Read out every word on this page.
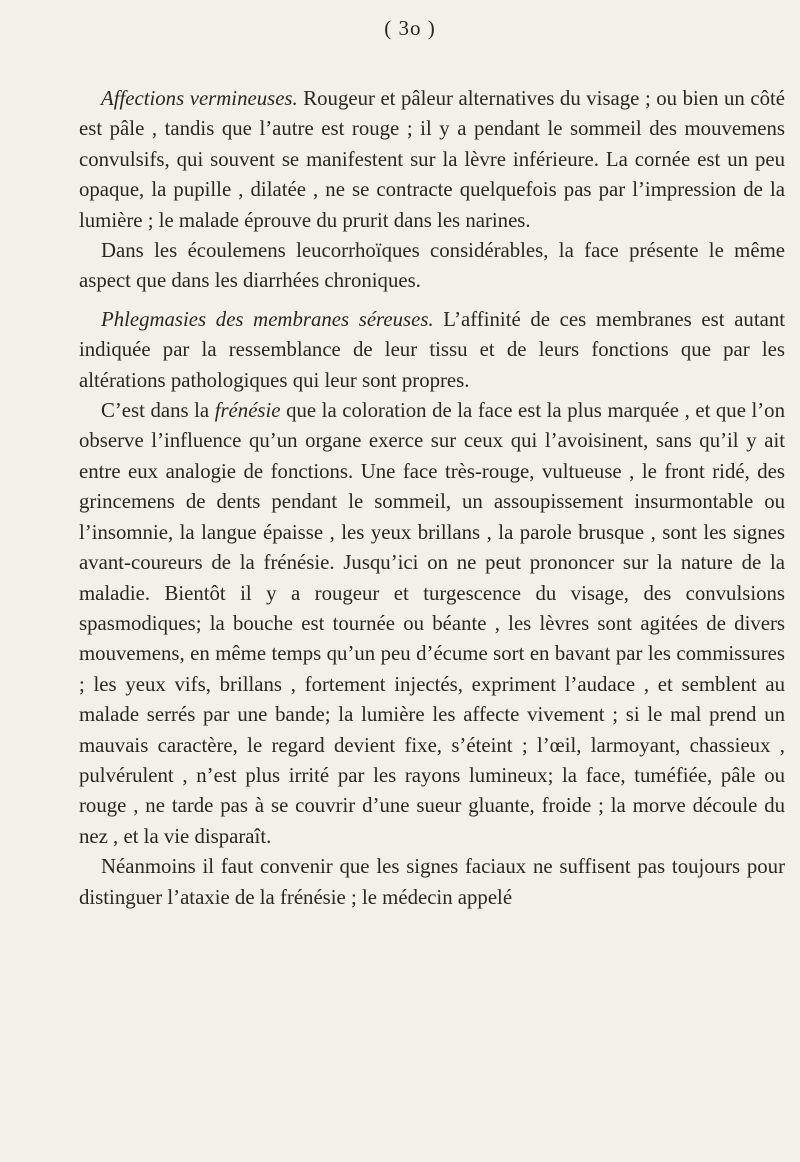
( 3o )

Affections vermineuses. Rougeur et pâleur alternatives du visage ; ou bien un côté est pâle , tandis que l’autre est rouge ; il y a pendant le sommeil des mouvemens convulsifs, qui souvent se manifestent sur la lèvre inférieure. La cornée est un peu opaque, la pupille , dilatée , ne se contracte quelquefois pas par l’impression de la lumière ; le malade éprouve du prurit dans les narines.

Dans les écoulemens leucorrhoïques considérables, la face présente le même aspect que dans les diarrhées chroniques.

Phlegmasies des membranes séreuses. L’affinité de ces membranes est autant indiquée par la ressemblance de leur tissu et de leurs fonctions que par les altérations pathologiques qui leur sont propres.

C’est dans la frénésie que la coloration de la face est la plus marquée , et que l’on observe l’influence qu’un organe exerce sur ceux qui l’avoisinent, sans qu’il y ait entre eux analogie de fonctions. Une face très-rouge, vultueuse , le front ridé, des grincemens de dents pendant le sommeil, un assoupissement insurmontable ou l’insomnie, la langue épaisse , les yeux brillans , la parole brusque , sont les signes avant-coureurs de la frénésie. Jusqu’ici on ne peut prononcer sur la nature de la maladie. Bientôt il y a rougeur et turgescence du visage, des convulsions spasmodiques; la bouche est tournée ou béante , les lèvres sont agitées de divers mouvemens, en même temps qu’un peu d’écume sort en bavant par les commissures ; les yeux vifs, brillans , fortement injectés, expriment l’audace , et semblent au malade serrés par une bande; la lumière les affecte vivement ; si le mal prend un mauvais caractère, le regard devient fixe, s’éteint ; l’œil, larmoyant, chassieux , pulvérulent , n’est plus irrité par les rayons lumineux; la face, tuméfiée, pâle ou rouge , ne tarde pas à se couvrir d’une sueur gluante, froide ; la morve découle du nez , et la vie disparaît.

Néanmoins il faut convenir que les signes faciaux ne suffisent pas toujours pour distinguer l’ataxie de la frénésie ; le médecin appelé
